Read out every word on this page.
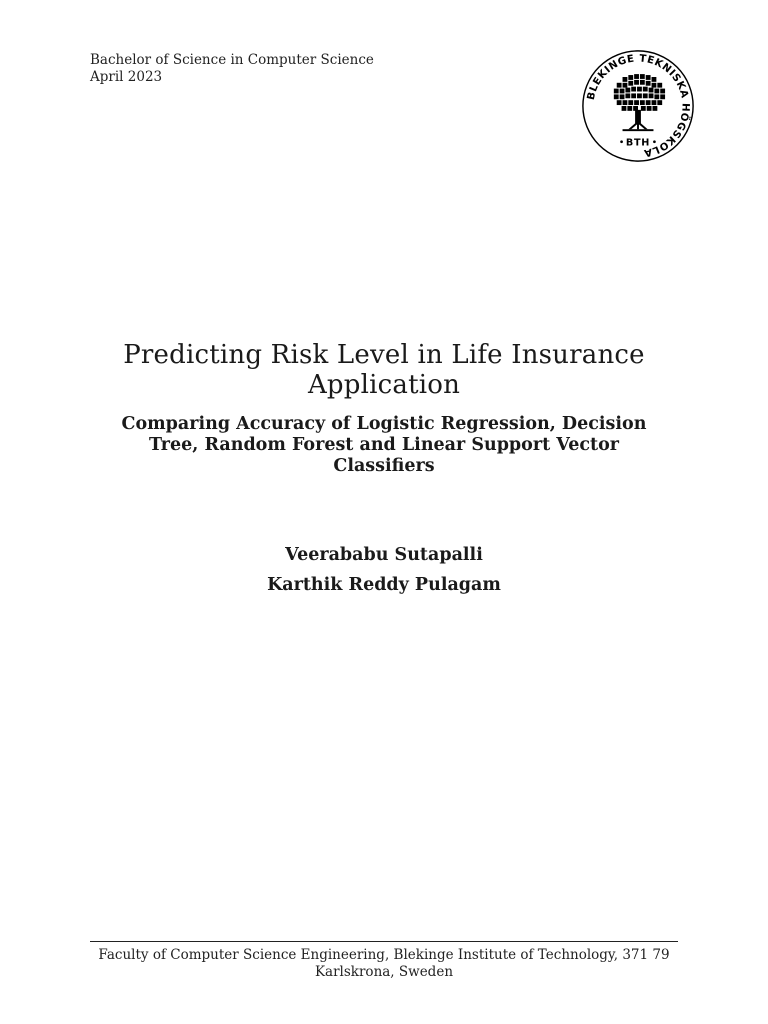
Bachelor of Science in Computer Science
April 2023
BLEKINGE TEKNISKA HÖGSKOLA
BTH
Predicting Risk Level in Life Insurance
Application
Comparing Accuracy of Logistic Regression, Decision
Tree, Random Forest and Linear Support Vector
Classifiers
Veerababu Sutapalli
Karthik Reddy Pulagam
Faculty of Computer Science Engineering, Blekinge Institute of Technology, 371 79
Karlskrona, Sweden
